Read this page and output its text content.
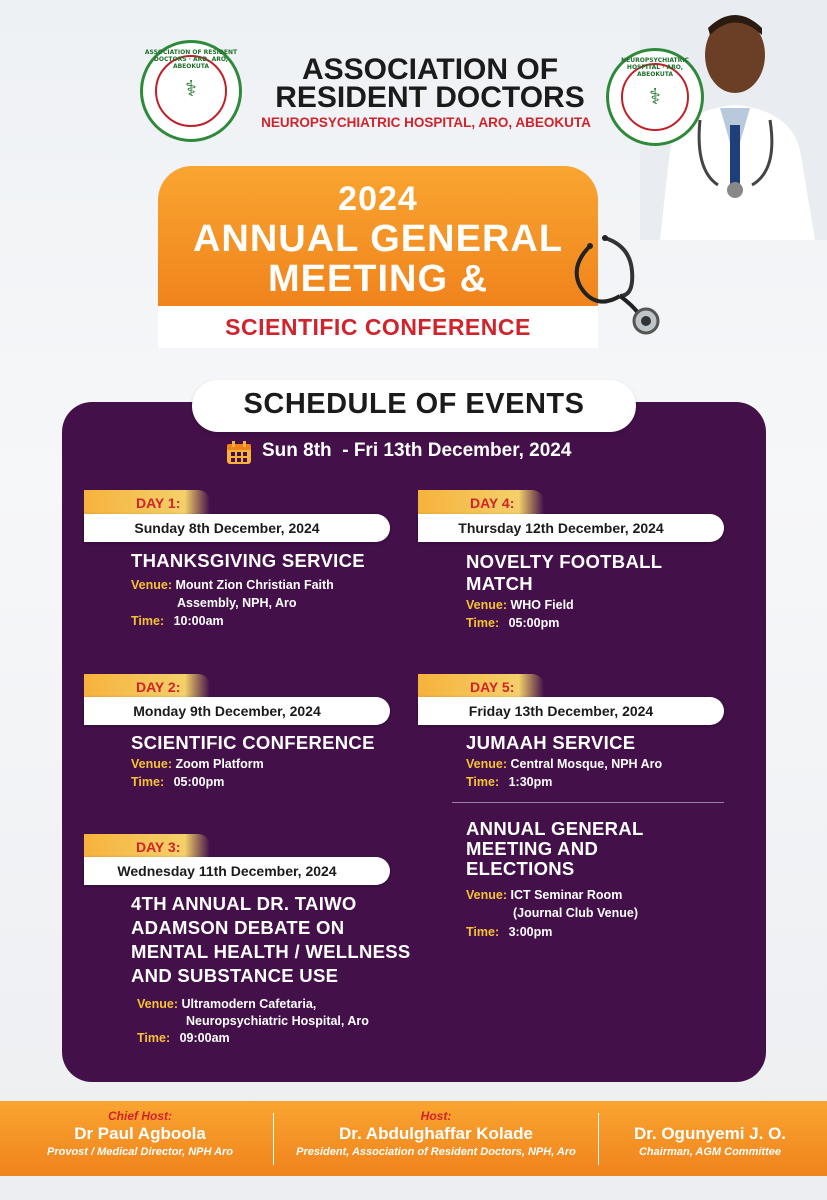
⚕
ASSOCIATION OF RESIDENT DOCTORS · ARD, ARO, ABEOKUTA
⚕
NEUROPSYCHIATRIC HOSPITAL · ARO, ABEOKUTA
ASSOCIATION OF
RESIDENT DOCTORS
NEUROPSYCHIATRIC HOSPITAL, ARO, ABEOKUTA
2024
ANNUAL GENERAL
MEETING &
SCIENTIFIC CONFERENCE
SCHEDULE OF EVENTS
Sun 8th  - Fri 13th December, 2024
DAY 1:
Sunday 8th December, 2024
THANKSGIVING SERVICE
Venue: Mount Zion Christian Faith
Assembly, NPH, Aro
Time: 10:00am
DAY 2:
Monday 9th December, 2024
SCIENTIFIC CONFERENCE
Venue: Zoom Platform
Time: 05:00pm
DAY 3:
Wednesday 11th December, 2024
4TH ANNUAL DR. TAIWO
ADAMSON DEBATE ON
MENTAL HEALTH / WELLNESS
AND SUBSTANCE USE
Venue: Ultramodern Cafetaria,
Neuropsychiatric Hospital, Aro
Time: 09:00am
DAY 4:
Thursday 12th December, 2024
NOVELTY FOOTBALL
MATCH
Venue: WHO Field
Time: 05:00pm
DAY 5:
Friday 13th December, 2024
JUMAAH SERVICE
Venue: Central Mosque, NPH Aro
Time: 1:30pm
ANNUAL GENERAL
MEETING AND
ELECTIONS
Venue: ICT Seminar Room
(Journal Club Venue)
Time: 3:00pm
Chief Host:
Dr Paul Agboola
Provost / Medical Director, NPH Aro
Host:
Dr. Abdulghaffar Kolade
President, Association of Resident Doctors, NPH, Aro
Dr. Ogunyemi J. O.
Chairman, AGM Committee
